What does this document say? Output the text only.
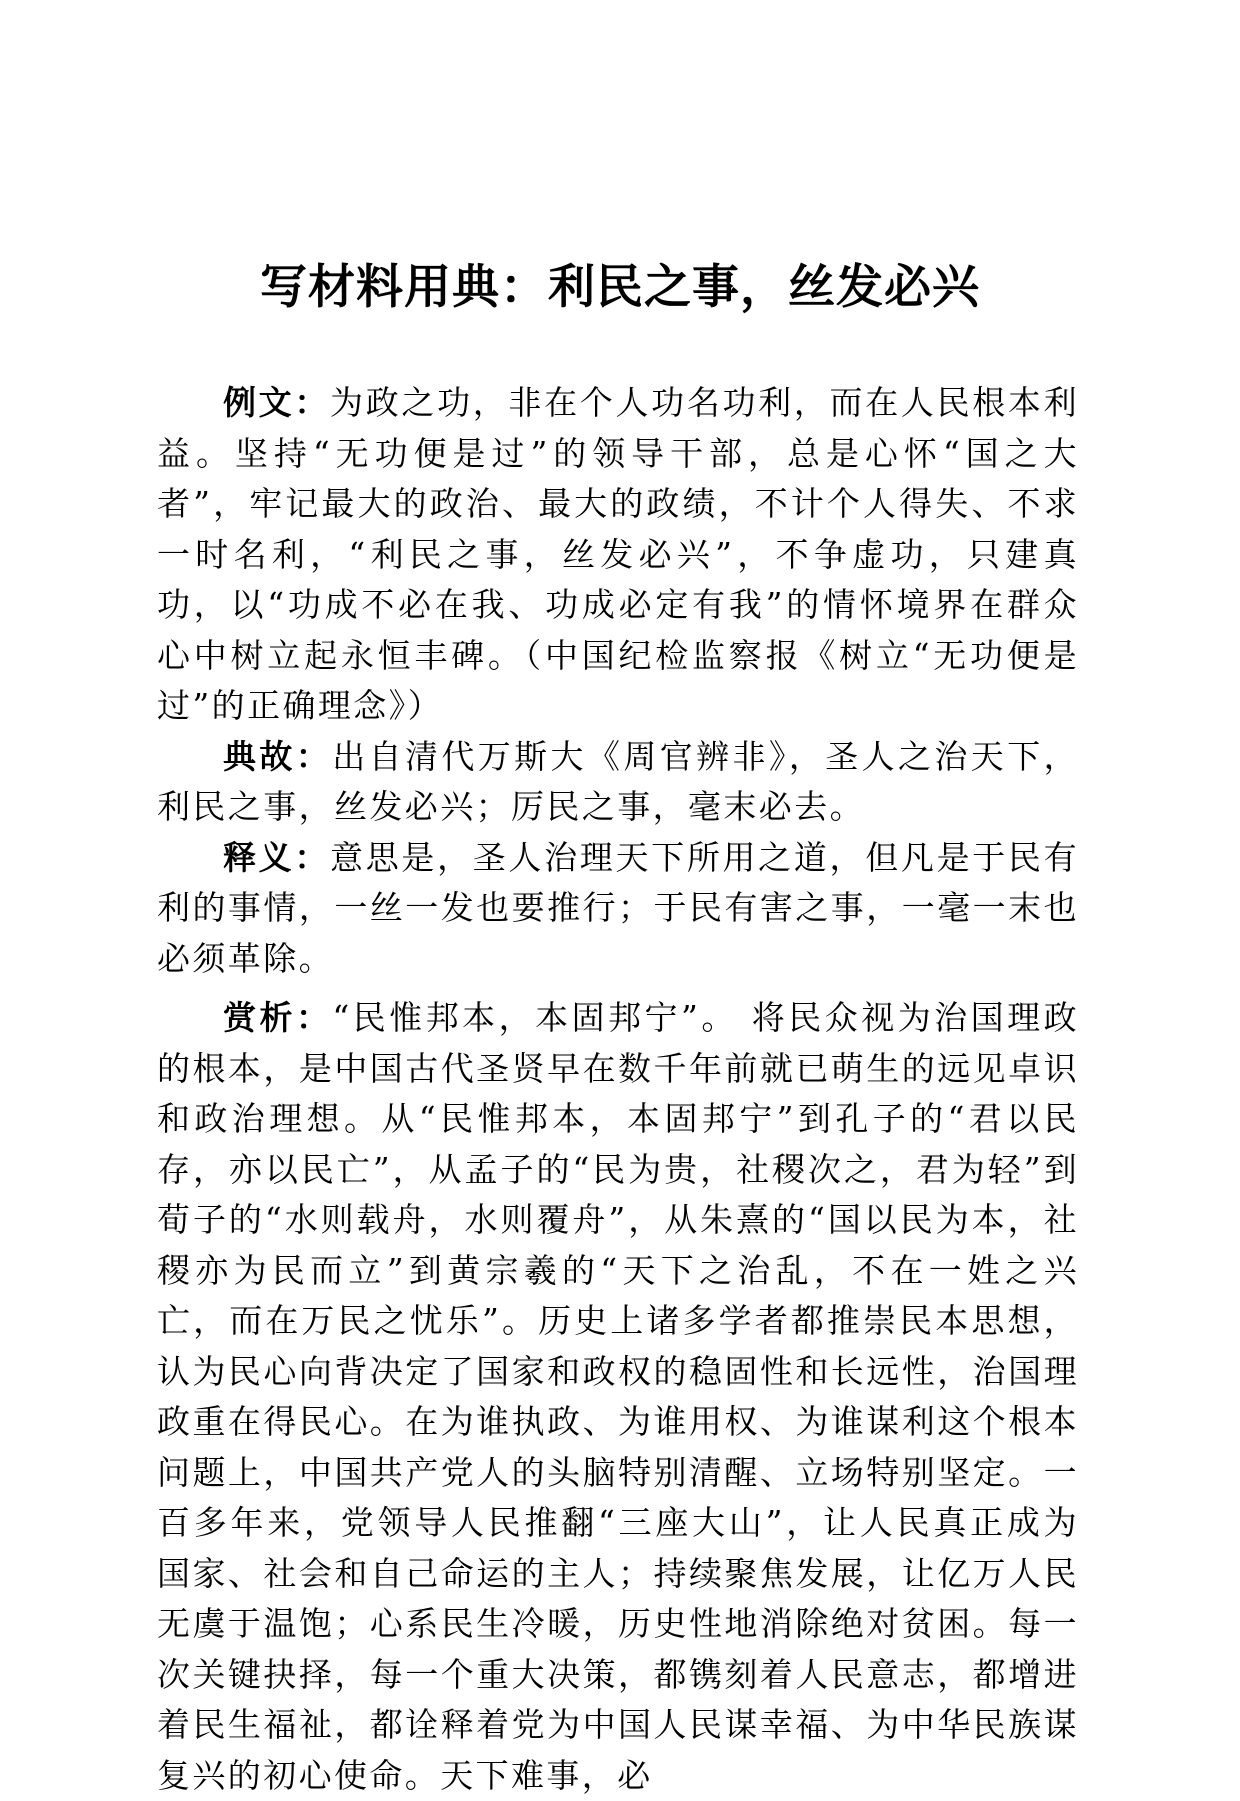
写材料用典：利民之事，丝发必兴

例文：为政之功，非在个人功名功利，而在人民根本利益。坚持“无功便是过”的领导干部，总是心怀“国之大者”，牢记最大的政治、最大的政绩，不计个人得失、不求一时名利，“利民之事，丝发必兴”，不争虚功，只建真功，以“功成不必在我、功成必定有我”的情怀境界在群众心中树立起永恒丰碑。（中国纪检监察报《树立“无功便是过”的正确理念》）

典故：出自清代万斯大《周官辨非》，圣人之治天下，利民之事，丝发必兴；厉民之事，毫末必去。

释义：意思是，圣人治理天下所用之道，但凡是于民有利的事情，一丝一发也要推行；于民有害之事，一毫一末也必须革除。

赏析：“民惟邦本，本固邦宁”。 将民众视为治国理政的根本，是中国古代圣贤早在数千年前就已萌生的远见卓识和政治理想。从“民惟邦本，本固邦宁”到孔子的“君以民存，亦以民亡”，从孟子的“民为贵，社稷次之，君为轻”到荀子的“水则载舟，水则覆舟”，从朱熹的“国以民为本，社稷亦为民而立”到黄宗羲的“天下之治乱，不在一姓之兴亡，而在万民之忧乐”。历史上诸多学者都推崇民本思想，认为民心向背决定了国家和政权的稳固性和长远性，治国理政重在得民心。在为谁执政、为谁用权、为谁谋利这个根本问题上，中国共产党人的头脑特别清醒、立场特别坚定。一百多年来，党领导人民推翻“三座大山”，让人民真正成为国家、社会和自己命运的主人；持续聚焦发展，让亿万人民无虞于温饱；心系民生冷暖，历史性地消除绝对贫困。每一次关键抉择，每一个重大决策，都镌刻着人民意志，都增进着民生福祉，都诠释着党为中国人民谋幸福、为中华民族谋复兴的初心使命。天下难事，必
